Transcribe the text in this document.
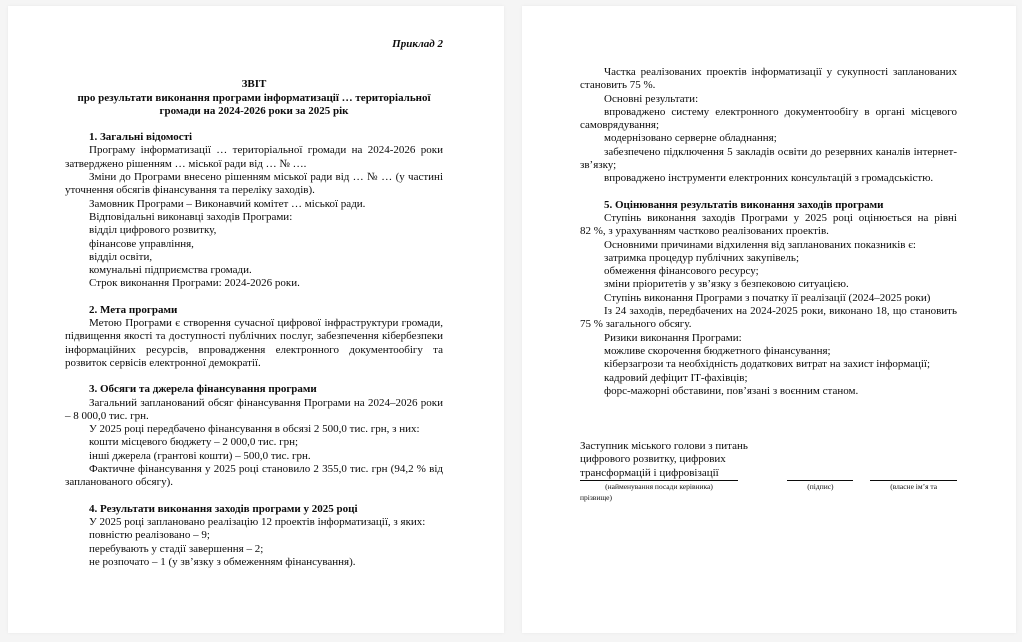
Приклад 2

ЗВІТ

про результати виконання програми інформатизації … територіальної громади на 2024-2026 роки за 2025 рік

1. Загальні відомості

Програму інформатизації … територіальної громади на 2024-2026 роки затверджено рішенням … міської ради від … № ….

Зміни до Програми внесено рішенням міської ради від … № … (у частині уточнення обсягів фінансування та переліку заходів).

Замовник Програми – Виконавчий комітет … міської ради.

Відповідальні виконавці заходів Програми:

відділ цифрового розвитку,

фінансове управління,

відділ освіти,

комунальні підприємства громади.

Строк виконання Програми: 2024-2026 роки.

2. Мета програми

Метою Програми є створення сучасної цифрової інфраструктури громади, підвищення якості та доступності публічних послуг, забезпечення кібербезпеки інформаційних ресурсів, впровадження електронного документообігу та розвиток сервісів електронної демократії.

3. Обсяги та джерела фінансування програми

Загальний запланований обсяг фінансування Програми на 2024–2026 роки – 8 000,0 тис. грн.

У 2025 році передбачено фінансування в обсязі 2 500,0 тис. грн, з них:

кошти місцевого бюджету – 2 000,0 тис. грн;

інші джерела (грантові кошти) – 500,0 тис. грн.

Фактичне фінансування у 2025 році становило 2 355,0 тис. грн (94,2 % від запланованого обсягу).

4. Результати виконання заходів програми у 2025 році

У 2025 році заплановано реалізацію 12 проектів інформатизації, з яких:

повністю реалізовано – 9;

перебувають у стадії завершення – 2;

не розпочато – 1 (у зв’язку з обмеженням фінансування).

Частка реалізованих проектів інформатизації у сукупності запланованих становить 75 %.

Основні результати:

впроваджено систему електронного документообігу в органі місцевого самоврядування;

модернізовано серверне обладнання;

забезпечено підключення 5 закладів освіти до резервних каналів інтернет-зв’язку;

впроваджено інструменти електронних консультацій з громадськістю.

5. Оцінювання результатів виконання заходів програми

Ступінь виконання заходів Програми у 2025 році оцінюється на рівні 82 %, з урахуванням частково реалізованих проектів.

Основними причинами відхилення від запланованих показників є:

затримка процедур публічних закупівель;

обмеження фінансового ресурсу;

зміни пріоритетів у зв’язку з безпековою ситуацією.

Ступінь виконання Програми з початку її реалізації (2024–2025 роки)

Із 24 заходів, передбачених на 2024-2025 роки, виконано 18, що становить 75 % загального обсягу.

Ризики виконання Програми:

можливе скорочення бюджетного фінансування;

кіберзагрози та необхідність додаткових витрат на захист інформації;

кадровий дефіцит ІТ-фахівців;

форс-мажорні обставини, пов’язані з воєнним станом.

Заступник міського голови з питань

цифрового розвитку, цифрових

трансформацій і цифровізації

(найменування посади керівника)	(підпис)	(власне ім’я та

прізвище)
